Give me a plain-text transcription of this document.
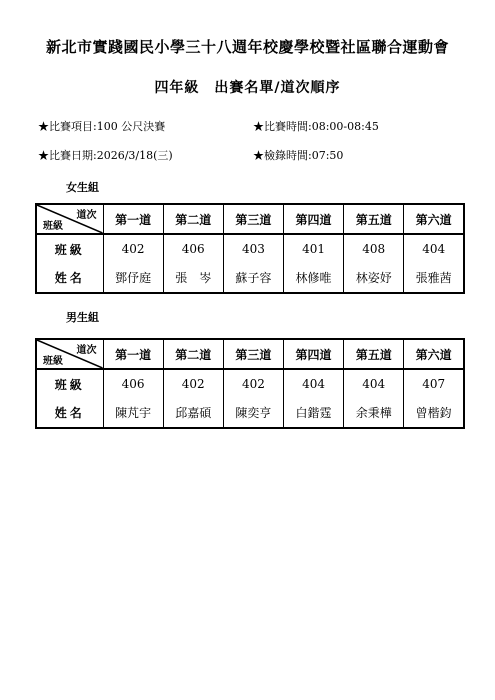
新北市實踐國民小學三十八週年校慶學校暨社區聯合運動會
四年級　出賽名單/道次順序
★比賽項目:100 公尺決賽	★比賽時間:08:00-08:45
★比賽日期:2026/3/18(三)	★檢錄時間:07:50
女生組
道次
班級	第一道	第二道	第三道	第四道	第五道	第六道
班級	402	406	403	401	408	404
姓名	鄧伃庭	張　岑	蘇子容	林修唯	林姿妤	張雅茜
男生組
道次
班級	第一道	第二道	第三道	第四道	第五道	第六道
班級	406	402	402	404	404	407
姓名	陳芃宇	邱嘉碩	陳奕亨	白鍇霆	余秉樺	曾楷鈞
